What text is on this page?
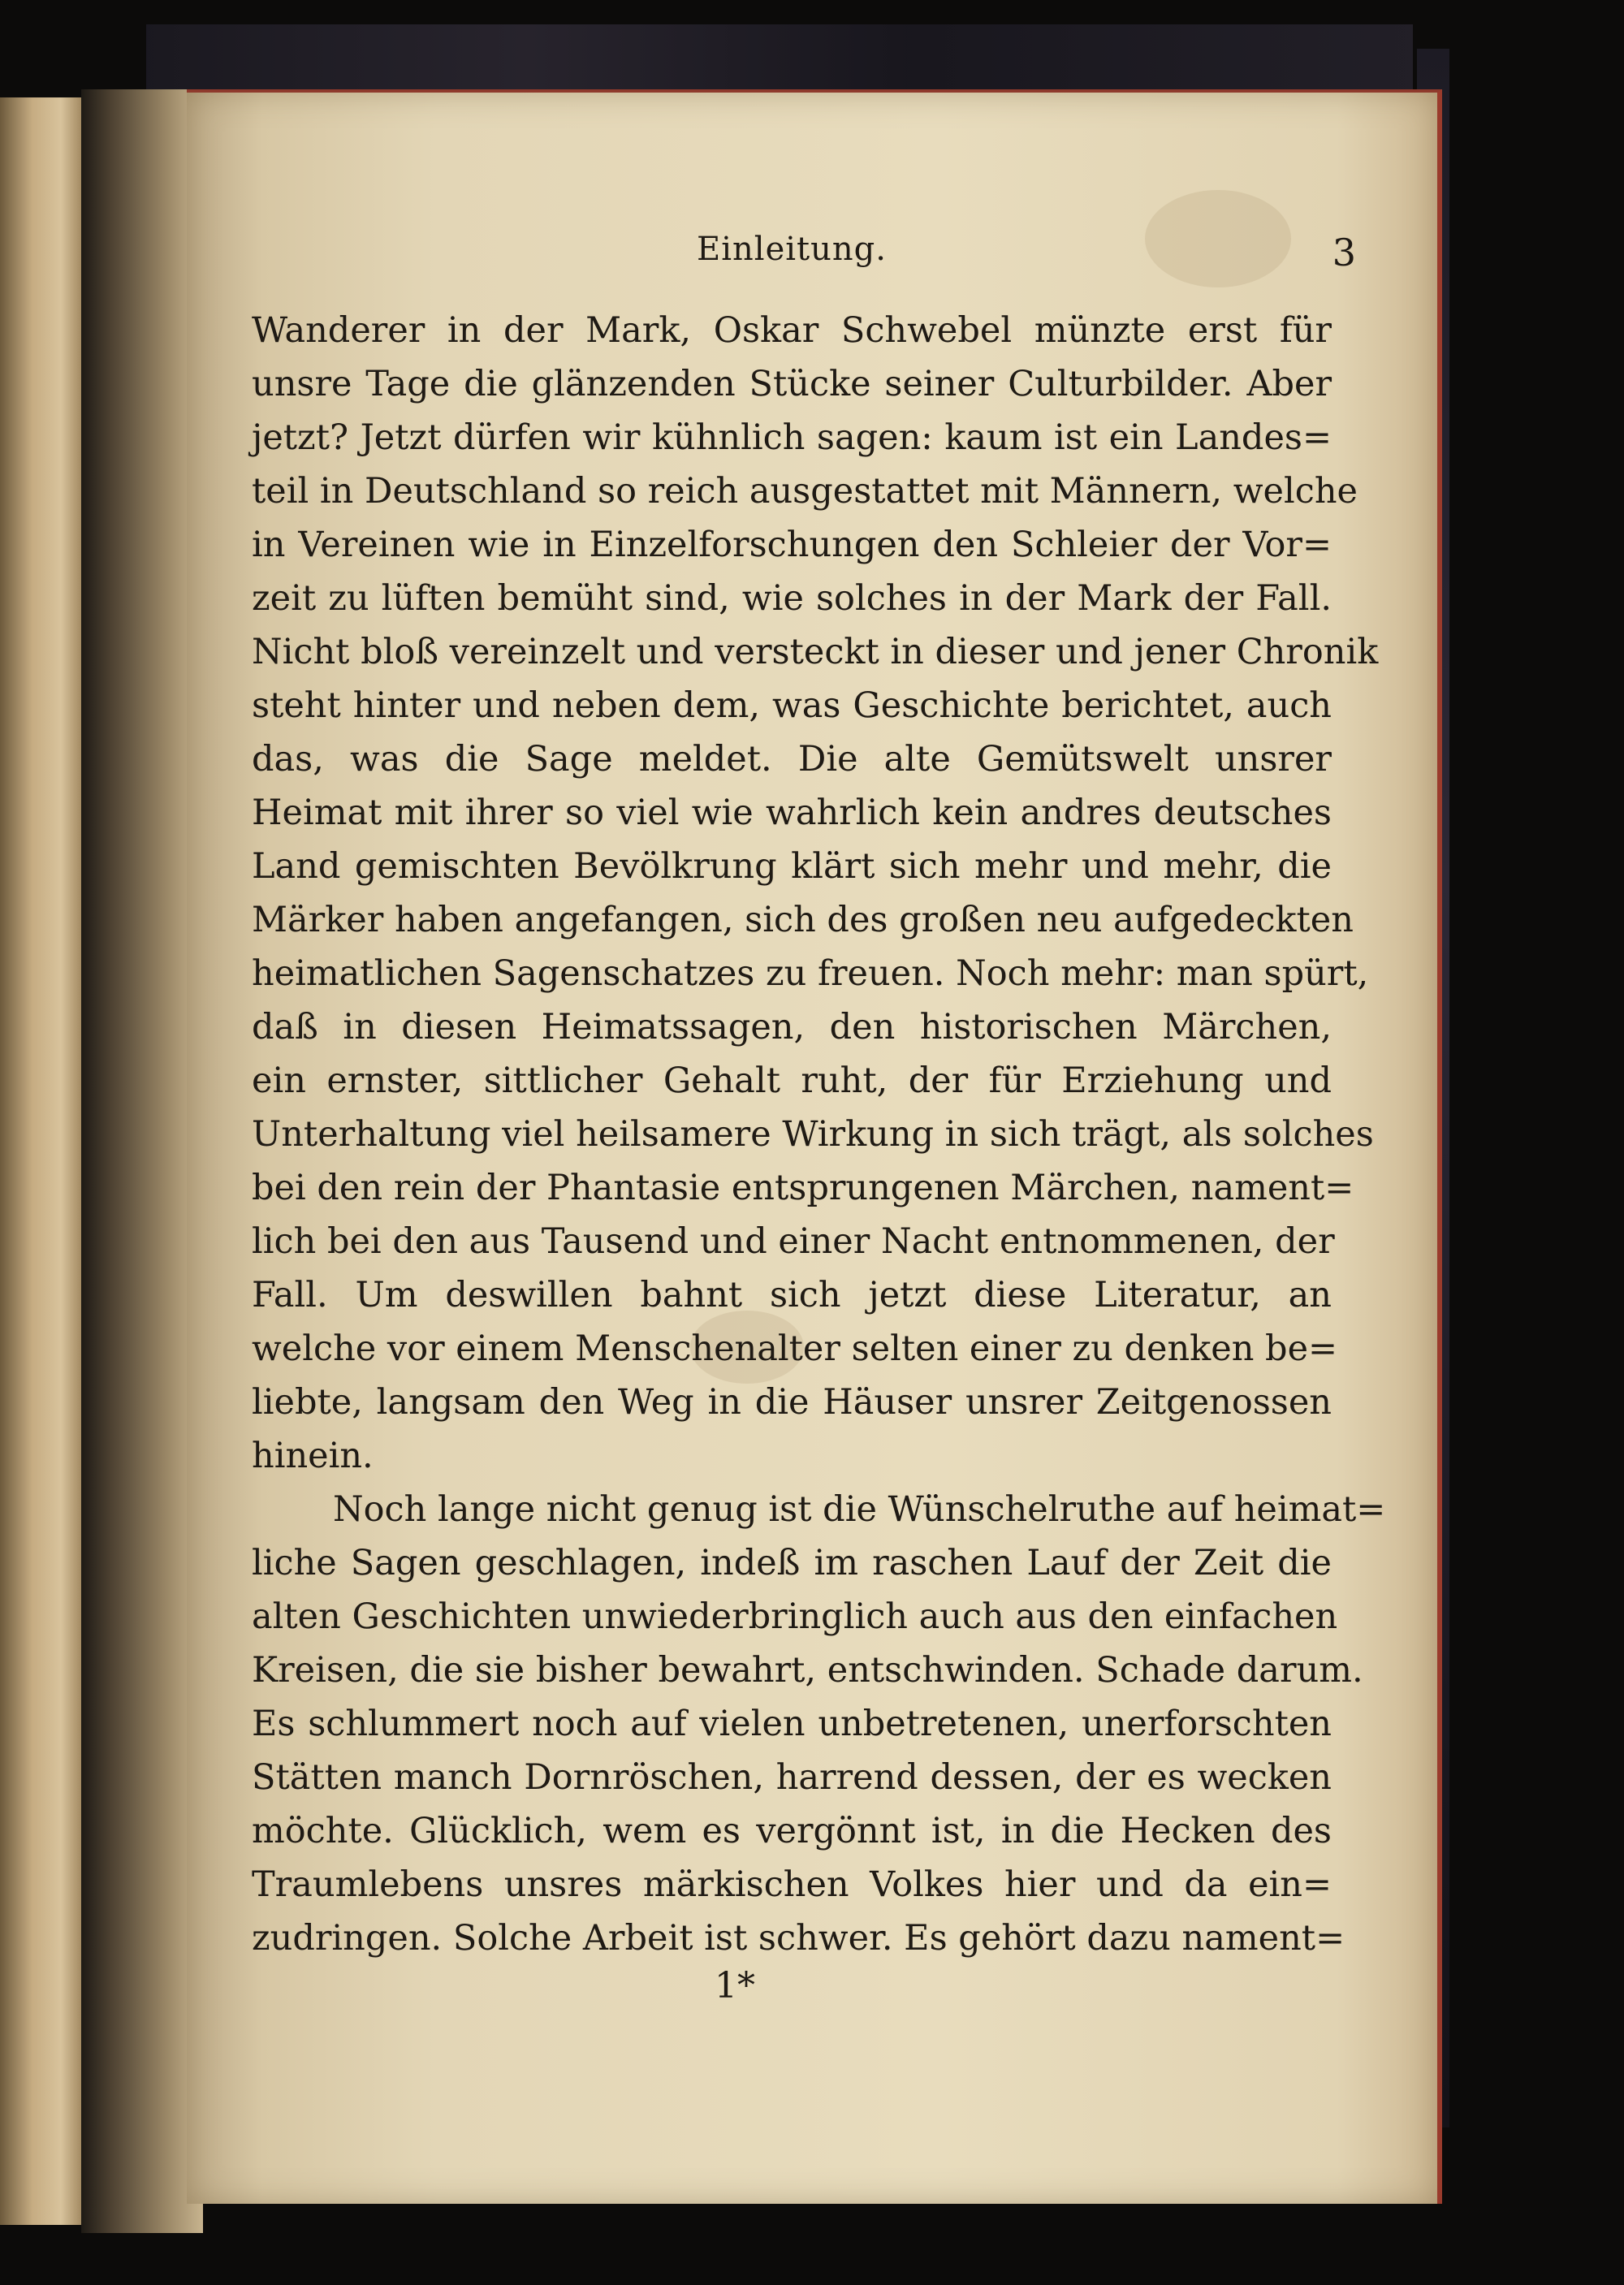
Einleitung.	3
Wanderer in der Mark, Oskar Schwebel münzte erst für
unsre Tage die glänzenden Stücke seiner Culturbilder. Aber
jetzt? Jetzt dürfen wir kühnlich sagen: kaum ist ein Landes=
teil in Deutschland so reich ausgestattet mit Männern, welche
in Vereinen wie in Einzelforschungen den Schleier der Vor=
zeit zu lüften bemüht sind, wie solches in der Mark der Fall.
Nicht bloß vereinzelt und versteckt in dieser und jener Chronik
steht hinter und neben dem, was Geschichte berichtet, auch
das, was die Sage meldet. Die alte Gemütswelt unsrer
Heimat mit ihrer so viel wie wahrlich kein andres deutsches
Land gemischten Bevölkrung klärt sich mehr und mehr, die
Märker haben angefangen, sich des großen neu aufgedeckten
heimatlichen Sagenschatzes zu freuen. Noch mehr: man spürt,
daß in diesen Heimatssagen, den historischen Märchen,
ein ernster, sittlicher Gehalt ruht, der für Erziehung und
Unterhaltung viel heilsamere Wirkung in sich trägt, als solches
bei den rein der Phantasie entsprungenen Märchen, nament=
lich bei den aus Tausend und einer Nacht entnommenen, der
Fall. Um deswillen bahnt sich jetzt diese Literatur, an
welche vor einem Menschenalter selten einer zu denken be=
liebte, langsam den Weg in die Häuser unsrer Zeitgenossen
hinein.
Noch lange nicht genug ist die Wünschelruthe auf heimat=
liche Sagen geschlagen, indeß im raschen Lauf der Zeit die
alten Geschichten unwiederbringlich auch aus den einfachen
Kreisen, die sie bisher bewahrt, entschwinden. Schade darum.
Es schlummert noch auf vielen unbetretenen, unerforschten
Stätten manch Dornröschen, harrend dessen, der es wecken
möchte. Glücklich, wem es vergönnt ist, in die Hecken des
Traumlebens unsres märkischen Volkes hier und da ein=
zudringen. Solche Arbeit ist schwer. Es gehört dazu nament=
1*
